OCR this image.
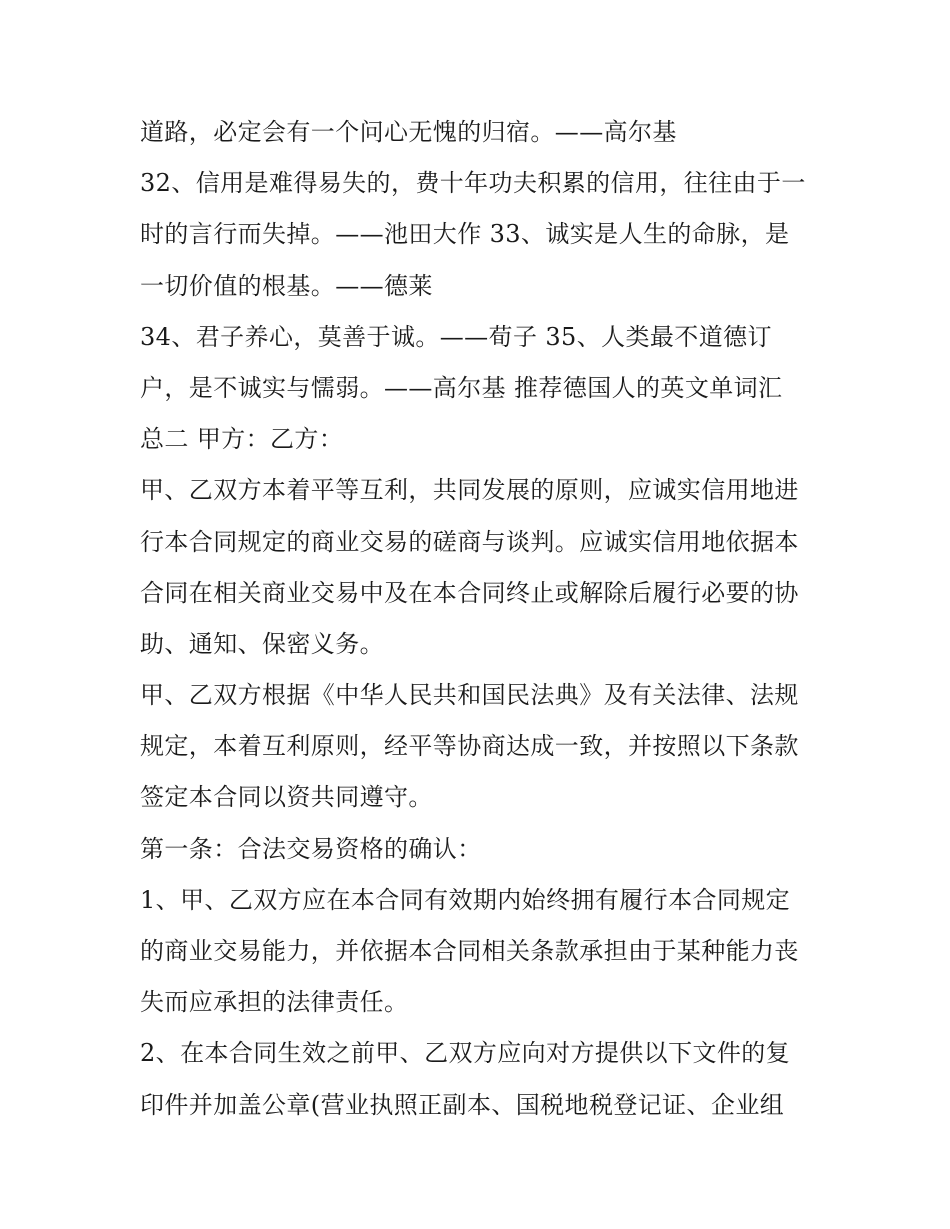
道路，必定会有一个问心无愧的归宿。——高尔基
32、信用是难得易失的，费十年功夫积累的信用，往往由于一
时的言行而失掉。——池田大作 33、诚实是人生的命脉，是
一切价值的根基。——德莱
34、君子养心，莫善于诚。——荀子 35、人类最不道德订
户，是不诚实与懦弱。——高尔基 推荐德国人的英文单词汇
总二 甲方：乙方：
甲、乙双方本着平等互利，共同发展的原则，应诚实信用地进
行本合同规定的商业交易的磋商与谈判。应诚实信用地依据本
合同在相关商业交易中及在本合同终止或解除后履行必要的协
助、通知、保密义务。
甲、乙双方根据《中华人民共和国民法典》及有关法律、法规
规定，本着互利原则，经平等协商达成一致，并按照以下条款
签定本合同以资共同遵守。
第一条：合法交易资格的确认：
1、甲、乙双方应在本合同有效期内始终拥有履行本合同规定
的商业交易能力，并依据本合同相关条款承担由于某种能力丧
失而应承担的法律责任。
2、在本合同生效之前甲、乙双方应向对方提供以下文件的复
印件并加盖公章(营业执照正副本、国税地税登记证、企业组
